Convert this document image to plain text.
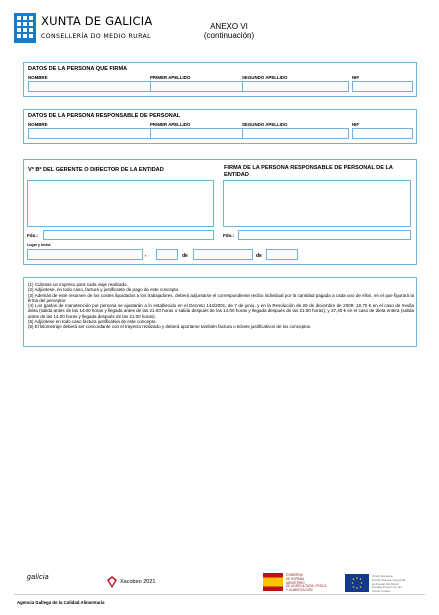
XUNTA DE GALICIA
CONSELLERÍA DO MEDIO RURAL
ANEXO VI
(continuación)
DATOS DE LA PERSONA QUE FIRMA
NOMBRE	PRIMER APELLIDO	SEGUNDO APELLIDO	NIF
DATOS DE LA PERSONA RESPONSABLE DE PERSONAL
NOMBRE	PRIMER APELLIDO	SEGUNDO APELLIDO	NIF
Vº Bº DEL GERENTE O DIRECTOR DE LA ENTIDAD	FIRMA DE LA PERSONA RESPONSABLE DE PERSONAL DE LA ENTIDAD
Fdo.:	Fdo.:
Lugar y fecha
,	de	de
(1) Cubrase un impreso para cada viaje realizado.
(2) Adjúntese, en todo caso, factura y justificante de pago de este concepto.
(3) Además de este resumen de los costes liquidados a los trabajadores, deberá adjuntarse el correspondiente recibo individual por la cantidad pagada a cada uno de ellos, en el que figurará la firma del perceptor.
(4) Los gastos de manutención por persona se ajustarán a lo establecido en el Decreto 144/2001, de 7 de junio, y en la Resolución de 29 de diciembre de 2009: 18,70 € en el caso de media dieta (salida antes de las 14.00 horas y llegada antes de las 21.00 horas o salida después de las 14.00 horas y llegada después de las 21.00 horas); y 37,40 € en el caso de dieta entera (salida antes de las 14.00 horas y llegada después de las 21.00 horas).
(5) Adjúntese en todo caso factura justificativa de este concepto.
(6) El kilometraje deberá ser concordante con el trayecto realizado y deberá aportarse también factura o tickets justificativos de los conceptos.
galicia
Xacobeo 2021
GOBIERNO
DE ESPAÑA
MINISTERIO
DE AGRICULTURA, PESCA
Y ALIMENTACIÓN
Unión Europea
Fondo Europeo Agrícola
de Desarrollo Rural
Europa invierte en las
zonas rurales
Agencia Gallega de la Calidad Alimentaria
